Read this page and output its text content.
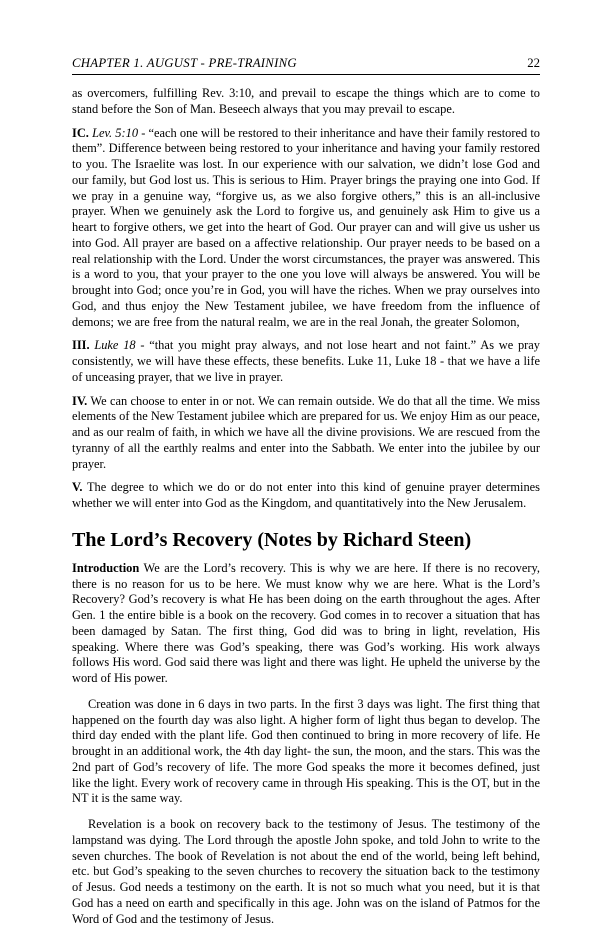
CHAPTER 1. AUGUST - PRE-TRAINING	22

as overcomers, fulfilling Rev. 3:10, and prevail to escape the things which are to come to stand before the Son of Man. Beseech always that you may prevail to escape.

IC. Lev. 5:10 - “each one will be restored to their inheritance and have their family restored to them”. Difference between being restored to your inheritance and having your family restored to you. The Israelite was lost. In our experience with our salvation, we didn’t lose God and our family, but God lost us. This is serious to Him. Prayer brings the praying one into God. If we pray in a genuine way, “forgive us, as we also forgive others,” this is an all-inclusive prayer. When we genuinely ask the Lord to forgive us, and genuinely ask Him to give us a heart to forgive others, we get into the heart of God. Our prayer can and will give us usher us into God. All prayer are based on a affective relationship. Our prayer needs to be based on a real relationship with the Lord. Under the worst circumstances, the prayer was answered. This is a word to you, that your prayer to the one you love will always be answered. You will be brought into God; once you’re in God, you will have the riches. When we pray ourselves into God, and thus enjoy the New Testament jubilee, we have freedom from the influence of demons; we are free from the natural realm, we are in the real Jonah, the greater Solomon,

III. Luke 18 - “that you might pray always, and not lose heart and not faint.” As we pray consistently, we will have these effects, these benefits. Luke 11, Luke 18 - that we have a life of unceasing prayer, that we live in prayer.

IV. We can choose to enter in or not. We can remain outside. We do that all the time. We miss elements of the New Testament jubilee which are prepared for us. We enjoy Him as our peace, and as our realm of faith, in which we have all the divine provisions. We are rescued from the tyranny of all the earthly realms and enter into the Sabbath. We enter into the jubilee by our prayer.

V. The degree to which we do or do not enter into this kind of genuine prayer determines whether we will enter into God as the Kingdom, and quantitatively into the New Jerusalem.

The Lord’s Recovery (Notes by Richard Steen)

Introduction We are the Lord’s recovery. This is why we are here. If there is no recovery, there is no reason for us to be here. We must know why we are here. What is the Lord’s Recovery? God’s recovery is what He has been doing on the earth throughout the ages. After Gen. 1 the entire bible is a book on the recovery. God comes in to recover a situation that has been damaged by Satan. The first thing, God did was to bring in light, revelation, His speaking. Where there was God’s speaking, there was God’s working. His work always follows His word. God said there was light and there was light. He upheld the universe by the word of His power.

Creation was done in 6 days in two parts. In the first 3 days was light. The first thing that happened on the fourth day was also light. A higher form of light thus began to develop. The third day ended with the plant life. God then continued to bring in more recovery of life. He brought in an additional work, the 4th day light- the sun, the moon, and the stars. This was the 2nd part of God’s recovery of life. The more God speaks the more it becomes defined, just like the light. Every work of recovery came in through His speaking. This is the OT, but in the NT it is the same way.

Revelation is a book on recovery back to the testimony of Jesus. The testimony of the lampstand was dying. The Lord through the apostle John spoke, and told John to write to the seven churches. The book of Revelation is not about the end of the world, being left behind, etc. but God’s speaking to the seven churches to recovery the situation back to the testimony of Jesus. God needs a testimony on the earth. It is not so much what you need, but it is that God has a need on earth and specifically in this age. John was on the island of Patmos for the Word of God and the testimony of Jesus.
